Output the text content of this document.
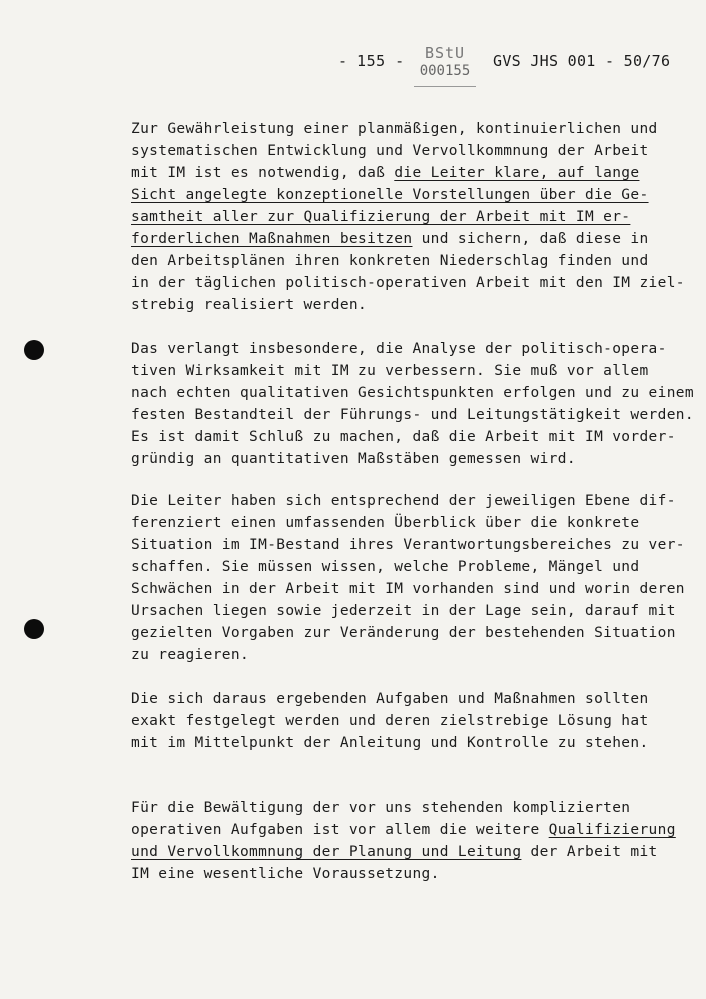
- 155 -	BStU
000155
GVS JHS 001 - 50/76
Zur Gewährleistung einer planmäßigen, kontinuierlichen und
systematischen Entwicklung und Vervollkommnung der Arbeit
mit IM ist es notwendig, daß die Leiter klare, auf lange
Sicht angelegte konzeptionelle Vorstellungen über die Ge-
samtheit aller zur Qualifizierung der Arbeit mit IM er-
forderlichen Maßnahmen besitzen und sichern, daß diese in
den Arbeitsplänen ihren konkreten Niederschlag finden und
in der täglichen politisch-operativen Arbeit mit den IM ziel-
strebig realisiert werden.
Das verlangt insbesondere, die Analyse der politisch-opera-
tiven Wirksamkeit mit IM zu verbessern. Sie muß vor allem
nach echten qualitativen Gesichtspunkten erfolgen und zu einem
festen Bestandteil der Führungs- und Leitungstätigkeit werden.
Es ist damit Schluß zu machen, daß die Arbeit mit IM vorder-
gründig an quantitativen Maßstäben gemessen wird.
Die Leiter haben sich entsprechend der jeweiligen Ebene dif-
ferenziert einen umfassenden Überblick über die konkrete
Situation im IM-Bestand ihres Verantwortungsbereiches zu ver-
schaffen. Sie müssen wissen, welche Probleme, Mängel und
Schwächen in der Arbeit mit IM vorhanden sind und worin deren
Ursachen liegen sowie jederzeit in der Lage sein, darauf mit
gezielten Vorgaben zur Veränderung der bestehenden Situation
zu reagieren.
Die sich daraus ergebenden Aufgaben und Maßnahmen sollten
exakt festgelegt werden und deren zielstrebige Lösung hat
mit im Mittelpunkt der Anleitung und Kontrolle zu stehen.
Für die Bewältigung der vor uns stehenden komplizierten
operativen Aufgaben ist vor allem die weitere Qualifizierung
und Vervollkommnung der Planung und Leitung der Arbeit mit
IM eine wesentliche Voraussetzung.
